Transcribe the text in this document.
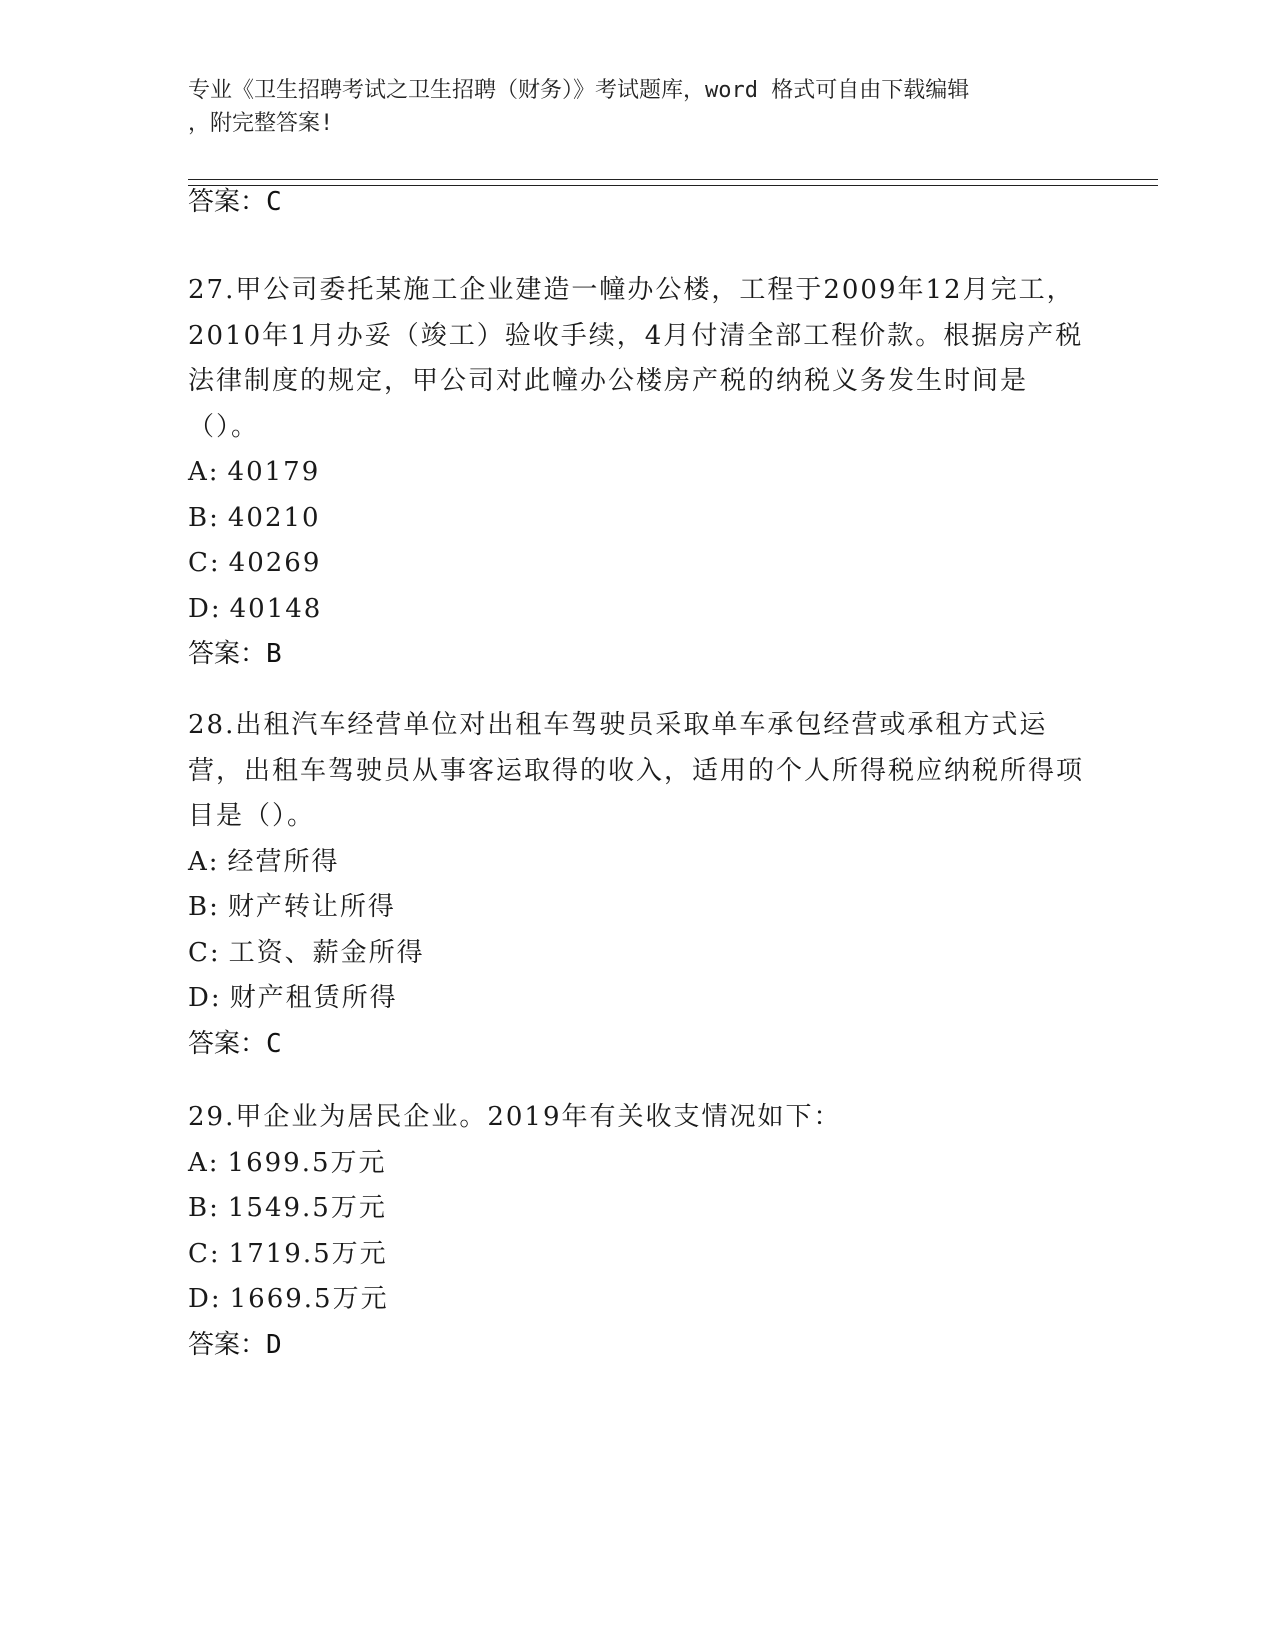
专业《卫生招聘考试之卫生招聘（财务）》考试题库，word 格式可自由下载编辑
，附完整答案!
答案：C
27.甲公司委托某施工企业建造一幢办公楼，工程于2009年12月完工，2010年1月办妥（竣工）验收手续，4月付清全部工程价款。根据房产税法律制度的规定，甲公司对此幢办公楼房产税的纳税义务发生时间是（）。
A: 40179
B: 40210
C: 40269
D: 40148
答案：B
28.出租汽车经营单位对出租车驾驶员采取单车承包经营或承租方式运营，出租车驾驶员从事客运取得的收入，适用的个人所得税应纳税所得项目是（）。
A: 经营所得
B: 财产转让所得
C: 工资、薪金所得
D: 财产租赁所得
答案：C
29.甲企业为居民企业。2019年有关收支情况如下：
A: 1699.5万元
B: 1549.5万元
C: 1719.5万元
D: 1669.5万元
答案：D
